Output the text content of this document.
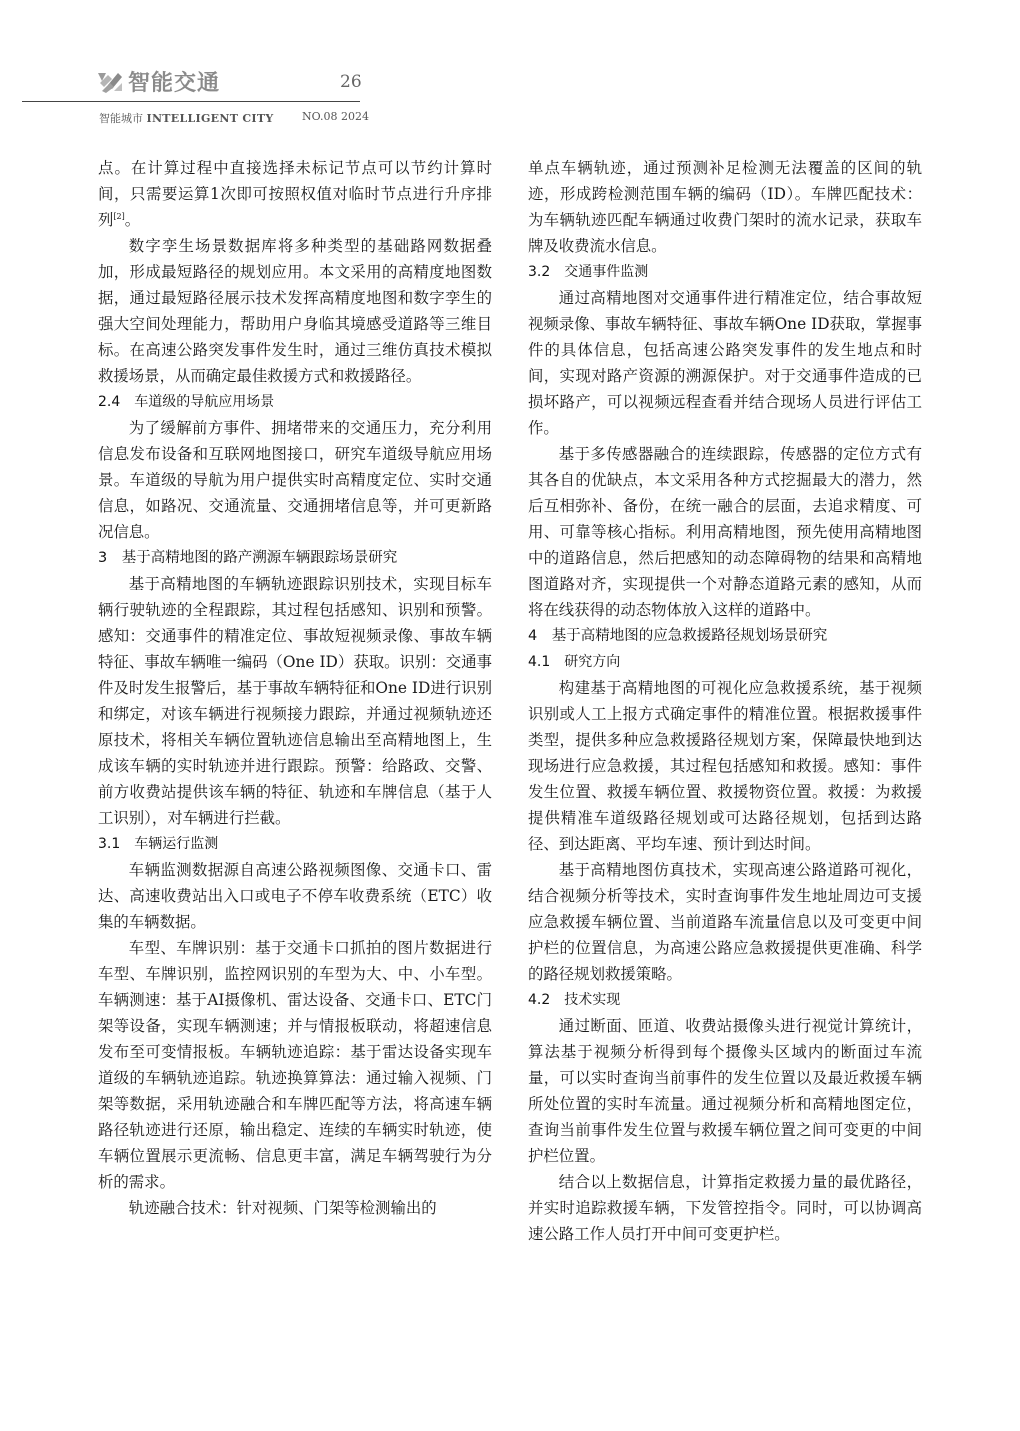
智能交通	26
智能城市 INTELLIGENT CITY	NO.08 2024

点。在计算过程中直接选择未标记节点可以节约计算时间，只需要运算1次即可按照权值对临时节点进行升序排列[2]。

数字孪生场景数据库将多种类型的基础路网数据叠加，形成最短路径的规划应用。本文采用的高精度地图数据，通过最短路径展示技术发挥高精度地图和数字孪生的强大空间处理能力，帮助用户身临其境感受道路等三维目标。在高速公路突发事件发生时，通过三维仿真技术模拟救援场景，从而确定最佳救援方式和救援路径。

2.4　车道级的导航应用场景

为了缓解前方事件、拥堵带来的交通压力，充分利用信息发布设备和互联网地图接口，研究车道级导航应用场景。车道级的导航为用户提供实时高精度定位、实时交通信息，如路况、交通流量、交通拥堵信息等，并可更新路况信息。

3　基于高精地图的路产溯源车辆跟踪场景研究

基于高精地图的车辆轨迹跟踪识别技术，实现目标车辆行驶轨迹的全程跟踪，其过程包括感知、识别和预警。感知：交通事件的精准定位、事故短视频录像、事故车辆特征、事故车辆唯一编码（One ID）获取。识别：交通事件及时发生报警后，基于事故车辆特征和One ID进行识别和绑定，对该车辆进行视频接力跟踪，并通过视频轨迹还原技术，将相关车辆位置轨迹信息输出至高精地图上，生成该车辆的实时轨迹并进行跟踪。预警：给路政、交警、前方收费站提供该车辆的特征、轨迹和车牌信息（基于人工识别），对车辆进行拦截。

3.1　车辆运行监测

车辆监测数据源自高速公路视频图像、交通卡口、雷达、高速收费站出入口或电子不停车收费系统（ETC）收集的车辆数据。

车型、车牌识别：基于交通卡口抓拍的图片数据进行车型、车牌识别，监控网识别的车型为大、中、小车型。车辆测速：基于AI摄像机、雷达设备、交通卡口、ETC门架等设备，实现车辆测速；并与情报板联动，将超速信息发布至可变情报板。车辆轨迹追踪：基于雷达设备实现车道级的车辆轨迹追踪。轨迹换算算法：通过输入视频、门架等数据，采用轨迹融合和车牌匹配等方法，将高速车辆路径轨迹进行还原，输出稳定、连续的车辆实时轨迹，使车辆位置展示更流畅、信息更丰富，满足车辆驾驶行为分析的需求。

轨迹融合技术：针对视频、门架等检测输出的

单点车辆轨迹，通过预测补足检测无法覆盖的区间的轨迹，形成跨检测范围车辆的编码（ID）。车牌匹配技术：为车辆轨迹匹配车辆通过收费门架时的流水记录，获取车牌及收费流水信息。

3.2　交通事件监测

通过高精地图对交通事件进行精准定位，结合事故短视频录像、事故车辆特征、事故车辆One ID获取，掌握事件的具体信息，包括高速公路突发事件的发生地点和时间，实现对路产资源的溯源保护。对于交通事件造成的已损坏路产，可以视频远程查看并结合现场人员进行评估工作。

基于多传感器融合的连续跟踪，传感器的定位方式有其各自的优缺点，本文采用各种方式挖掘最大的潜力，然后互相弥补、备份，在统一融合的层面，去追求精度、可用、可靠等核心指标。利用高精地图，预先使用高精地图中的道路信息，然后把感知的动态障碍物的结果和高精地图道路对齐，实现提供一个对静态道路元素的感知，从而将在线获得的动态物体放入这样的道路中。

4　基于高精地图的应急救援路径规划场景研究
4.1　研究方向

构建基于高精地图的可视化应急救援系统，基于视频识别或人工上报方式确定事件的精准位置。根据救援事件类型，提供多种应急救援路径规划方案，保障最快地到达现场进行应急救援，其过程包括感知和救援。感知：事件发生位置、救援车辆位置、救援物资位置。救援：为救援提供精准车道级路径规划或可达路径规划，包括到达路径、到达距离、平均车速、预计到达时间。

基于高精地图仿真技术，实现高速公路道路可视化，结合视频分析等技术，实时查询事件发生地址周边可支援应急救援车辆位置、当前道路车流量信息以及可变更中间护栏的位置信息，为高速公路应急救援提供更准确、科学的路径规划救援策略。

4.2　技术实现

通过断面、匝道、收费站摄像头进行视觉计算统计，算法基于视频分析得到每个摄像头区域内的断面过车流量，可以实时查询当前事件的发生位置以及最近救援车辆所处位置的实时车流量。通过视频分析和高精地图定位，查询当前事件发生位置与救援车辆位置之间可变更的中间护栏位置。

结合以上数据信息，计算指定救援力量的最优路径，并实时追踪救援车辆，下发管控指令。同时，可以协调高速公路工作人员打开中间可变更护栏。
